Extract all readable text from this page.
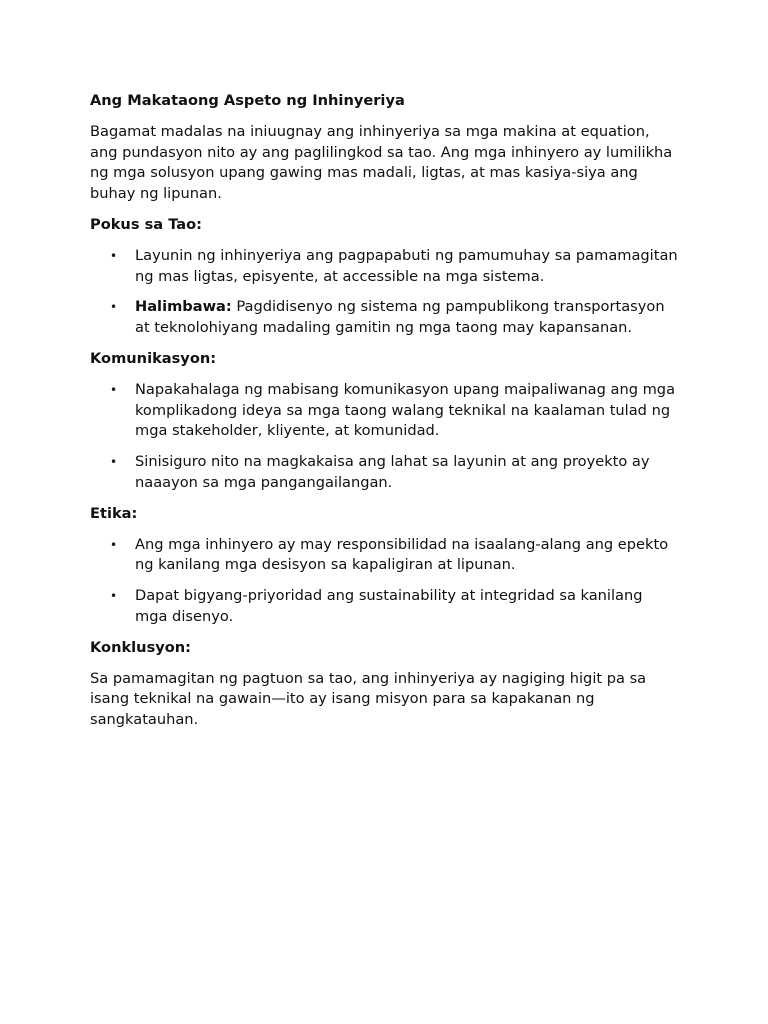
Ang Makataong Aspeto ng Inhinyeriya

Bagamat madalas na iniuugnay ang inhinyeriya sa mga makina at equation, ang pundasyon nito ay ang paglilingkod sa tao. Ang mga inhinyero ay lumilikha ng mga solusyon upang gawing mas madali, ligtas, at mas kasiya-siya ang buhay ng lipunan.

Pokus sa Tao:
• Layunin ng inhinyeriya ang pagpapabuti ng pamumuhay sa pamamagitan ng mas ligtas, episyente, at accessible na mga sistema.
• Halimbawa: Pagdidisenyo ng sistema ng pampublikong transportasyon at teknolohiyang madaling gamitin ng mga taong may kapansanan.
Komunikasyon:
• Napakahalaga ng mabisang komunikasyon upang maipaliwanag ang mga komplikadong ideya sa mga taong walang teknikal na kaalaman tulad ng mga stakeholder, kliyente, at komunidad.
• Sinisiguro nito na magkakaisa ang lahat sa layunin at ang proyekto ay naaayon sa mga pangangailangan.
Etika:
• Ang mga inhinyero ay may responsibilidad na isaalang-alang ang epekto ng kanilang mga desisyon sa kapaligiran at lipunan.
• Dapat bigyang-priyoridad ang sustainability at integridad sa kanilang mga disenyo.
Konklusyon:

Sa pamamagitan ng pagtuon sa tao, ang inhinyeriya ay nagiging higit pa sa isang teknikal na gawain—ito ay isang misyon para sa kapakanan ng sangkatauhan.
